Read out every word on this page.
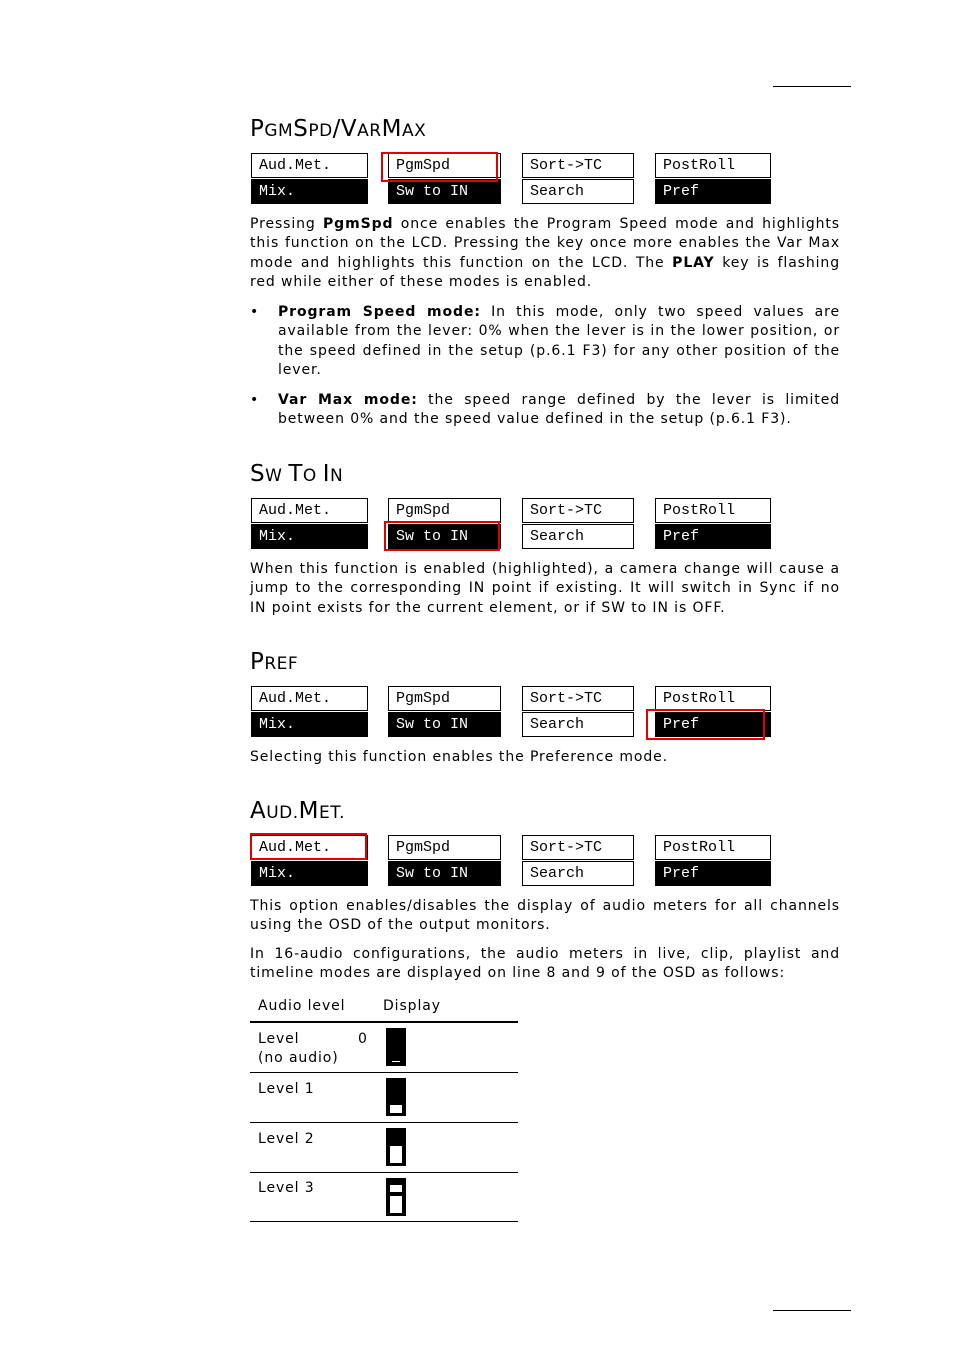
PGMSPD/VARMAX
Aud.Met.	PgmSpd	Sort->TC	PostRoll
Mix.	Sw to IN	Search	Pref

Pressing PgmSpd once enables the Program Speed mode and highlights this function on the LCD. Pressing the key once more enables the Var Max mode and highlights this function on the LCD. The PLAY key is flashing red while either of these modes is enabled.

• Program Speed mode: In this mode, only two speed values are available from the lever: 0% when the lever is in the lower position, or the speed defined in the setup (p.6.1 F3) for any other position of the lever.
• Var Max mode: the speed range defined by the lever is limited between 0% and the speed value defined in the setup (p.6.1 F3).
SW TO IN
Aud.Met.	PgmSpd	Sort->TC	PostRoll
Mix.	Sw to IN	Search	Pref

When this function is enabled (highlighted), a camera change will cause a jump to the corresponding IN point if existing. It will switch in Sync if no IN point exists for the current element, or if SW to IN is OFF.

PREF
Aud.Met.	PgmSpd	Sort->TC	PostRoll
Mix.	Sw to IN	Search	Pref

Selecting this function enables the Preference mode.

AUD.MET.
Aud.Met.	PgmSpd	Sort->TC	PostRoll
Mix.	Sw to IN	Search	Pref

This option enables/disables the display of audio meters for all channels using the OSD of the output monitors.

In 16-audio configurations, the audio meters in live, clip, playlist and timeline modes are displayed on line 8 and 9 of the OSD as follows:

Audio level	Display
Level	0
(no audio)
Level 1
Level 2
Level 3
